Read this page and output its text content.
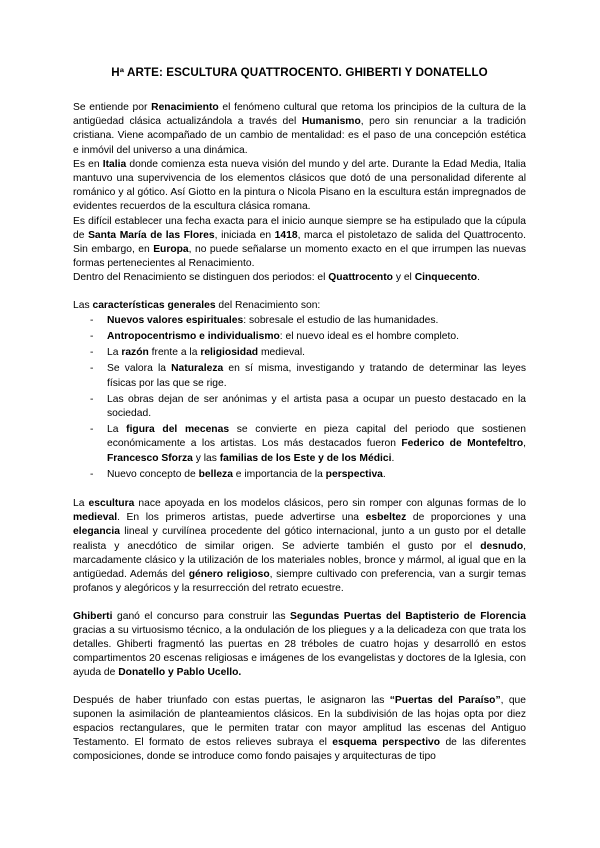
Hª ARTE: ESCULTURA QUATTROCENTO. GHIBERTI Y DONATELLO

Se entiende por Renacimiento el fenómeno cultural que retoma los principios de la cultura de la antigüedad clásica actualizándola a través del Humanismo, pero sin renunciar a la tradición cristiana. Viene acompañado de un cambio de mentalidad: es el paso de una concepción estética e inmóvil del universo a una dinámica.

Es en Italia donde comienza esta nueva visión del mundo y del arte. Durante la Edad Media, Italia mantuvo una supervivencia de los elementos clásicos que dotó de una personalidad diferente al románico y al gótico. Así Giotto en la pintura o Nicola Pisano en la escultura están impregnados de evidentes recuerdos de la escultura clásica romana.

Es difícil establecer una fecha exacta para el inicio aunque siempre se ha estipulado que la cúpula de Santa María de las Flores, iniciada en 1418, marca el pistoletazo de salida del Quattrocento. Sin embargo, en Europa, no puede señalarse un momento exacto en el que irrumpen las nuevas formas pertenecientes al Renacimiento.

Dentro del Renacimiento se distinguen dos periodos: el Quattrocento y el Cinquecento.

Las características generales del Renacimiento son:

- Nuevos valores espirituales: sobresale el estudio de las humanidades.
- Antropocentrismo e individualismo: el nuevo ideal es el hombre completo.
- La razón frente a la religiosidad medieval.
- Se valora la Naturaleza en sí misma, investigando y tratando de determinar las leyes físicas por las que se rige.
- Las obras dejan de ser anónimas y el artista pasa a ocupar un puesto destacado en la sociedad.
- La figura del mecenas se convierte en pieza capital del periodo que sostienen económicamente a los artistas. Los más destacados fueron Federico de Montefeltro, Francesco Sforza y las familias de los Este y de los Médici.
- Nuevo concepto de belleza e importancia de la perspectiva.

La escultura nace apoyada en los modelos clásicos, pero sin romper con algunas formas de lo medieval. En los primeros artistas, puede advertirse una esbeltez de proporciones y una elegancia lineal y curvilínea procedente del gótico internacional, junto a un gusto por el detalle realista y anecdótico de similar origen. Se advierte también el gusto por el desnudo, marcadamente clásico y la utilización de los materiales nobles, bronce y mármol, al igual que en la antigüedad. Además del género religioso, siempre cultivado con preferencia, van a surgir temas profanos y alegóricos y la resurrección del retrato ecuestre.

Ghiberti ganó el concurso para construir las Segundas Puertas del Baptisterio de Florencia gracias a su virtuosismo técnico, a la ondulación de los pliegues y a la delicadeza con que trata los detalles. Ghiberti fragmentó las puertas en 28 tréboles de cuatro hojas y desarrolló en estos compartimentos 20 escenas religiosas e imágenes de los evangelistas y doctores de la Iglesia, con ayuda de Donatello y Pablo Ucello.

Después de haber triunfado con estas puertas, le asignaron las “Puertas del Paraíso”, que suponen la asimilación de planteamientos clásicos. En la subdivisión de las hojas opta por diez espacios rectangulares, que le permiten tratar con mayor amplitud las escenas del Antiguo Testamento. El formato de estos relieves subraya el esquema perspectivo de las diferentes composiciones, donde se introduce como fondo paisajes y arquitecturas de tipo
